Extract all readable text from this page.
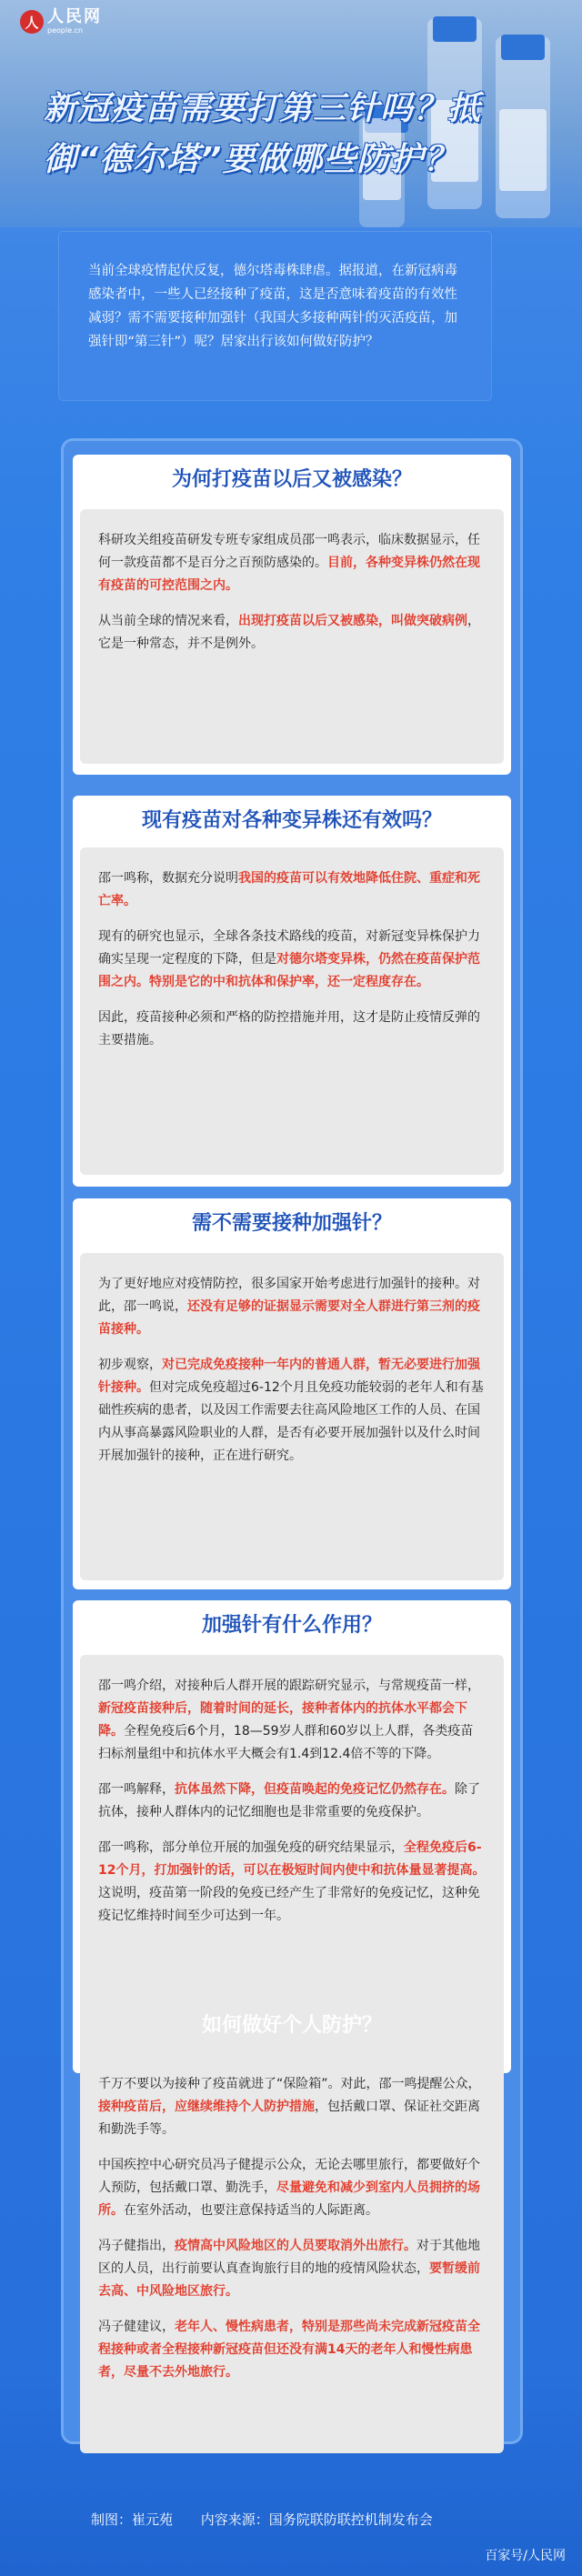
人 人民网
people.cn
新冠疫苗需要打第三针吗？抵御“德尔塔”要做哪些防护？

当前全球疫情起伏反复，德尔塔毒株肆虐。据报道，在新冠病毒感染者中，一些人已经接种了疫苗，这是否意味着疫苗的有效性减弱？需不需要接种加强针（我国大多接种两针的灭活疫苗，加强针即“第三针”）呢？居家出行该如何做好防护？

为何打疫苗以后又被感染？

科研攻关组疫苗研发专班专家组成员邵一鸣表示，临床数据显示，任何一款疫苗都不是百分之百预防感染的。目前，各种变异株仍然在现有疫苗的可控范围之内。

从当前全球的情况来看，出现打疫苗以后又被感染，叫做突破病例，它是一种常态，并不是例外。

现有疫苗对各种变异株还有效吗？

邵一鸣称，数据充分说明我国的疫苗可以有效地降低住院、重症和死亡率。

现有的研究也显示，全球各条技术路线的疫苗，对新冠变异株保护力确实呈现一定程度的下降，但是对德尔塔变异株，仍然在疫苗保护范围之内。特别是它的中和抗体和保护率，还一定程度存在。

因此，疫苗接种必须和严格的防控措施并用，这才是防止疫情反弹的主要措施。

需不需要接种加强针？

为了更好地应对疫情防控，很多国家开始考虑进行加强针的接种。对此，邵一鸣说，还没有足够的证据显示需要对全人群进行第三剂的疫苗接种。

初步观察，对已完成免疫接种一年内的普通人群，暂无必要进行加强针接种。但对完成免疫超过6-12个月且免疫功能较弱的老年人和有基础性疾病的患者，以及因工作需要去往高风险地区工作的人员、在国内从事高暴露风险职业的人群，是否有必要开展加强针以及什么时间开展加强针的接种，正在进行研究。

加强针有什么作用？

邵一鸣介绍，对接种后人群开展的跟踪研究显示，与常规疫苗一样，新冠疫苗接种后，随着时间的延长，接种者体内的抗体水平都会下降。全程免疫后6个月，18—59岁人群和60岁以上人群，各类疫苗扫标剂量组中和抗体水平大概会有1.4到12.4倍不等的下降。

邵一鸣解释，抗体虽然下降，但疫苗唤起的免疫记忆仍然存在。除了抗体，接种人群体内的记忆细胞也是非常重要的免疫保护。

邵一鸣称，部分单位开展的加强免疫的研究结果显示，全程免疫后6-12个月，打加强针的话，可以在极短时间内使中和抗体量显著提高。这说明，疫苗第一阶段的免疫已经产生了非常好的免疫记忆，这种免疫记忆维持时间至少可达到一年。

如何做好个人防护？

千万不要以为接种了疫苗就进了“保险箱”。对此，邵一鸣提醒公众，接种疫苗后，应继续维持个人防护措施，包括戴口罩、保证社交距离和勤洗手等。

中国疾控中心研究员冯子健提示公众，无论去哪里旅行，都要做好个人预防，包括戴口罩、勤洗手，尽量避免和减少到室内人员拥挤的场所。在室外活动，也要注意保持适当的人际距离。

冯子健指出，疫情高中风险地区的人员要取消外出旅行。对于其他地区的人员，出行前要认真查询旅行目的地的疫情风险状态，要暂缓前去高、中风险地区旅行。

冯子健建议，老年人、慢性病患者，特别是那些尚未完成新冠疫苗全程接种或者全程接种新冠疫苗但还没有满14天的老年人和慢性病患者，尽量不去外地旅行。

制图：崔元苑 内容来源：国务院联防联控机制发布会
百家号/人民网
